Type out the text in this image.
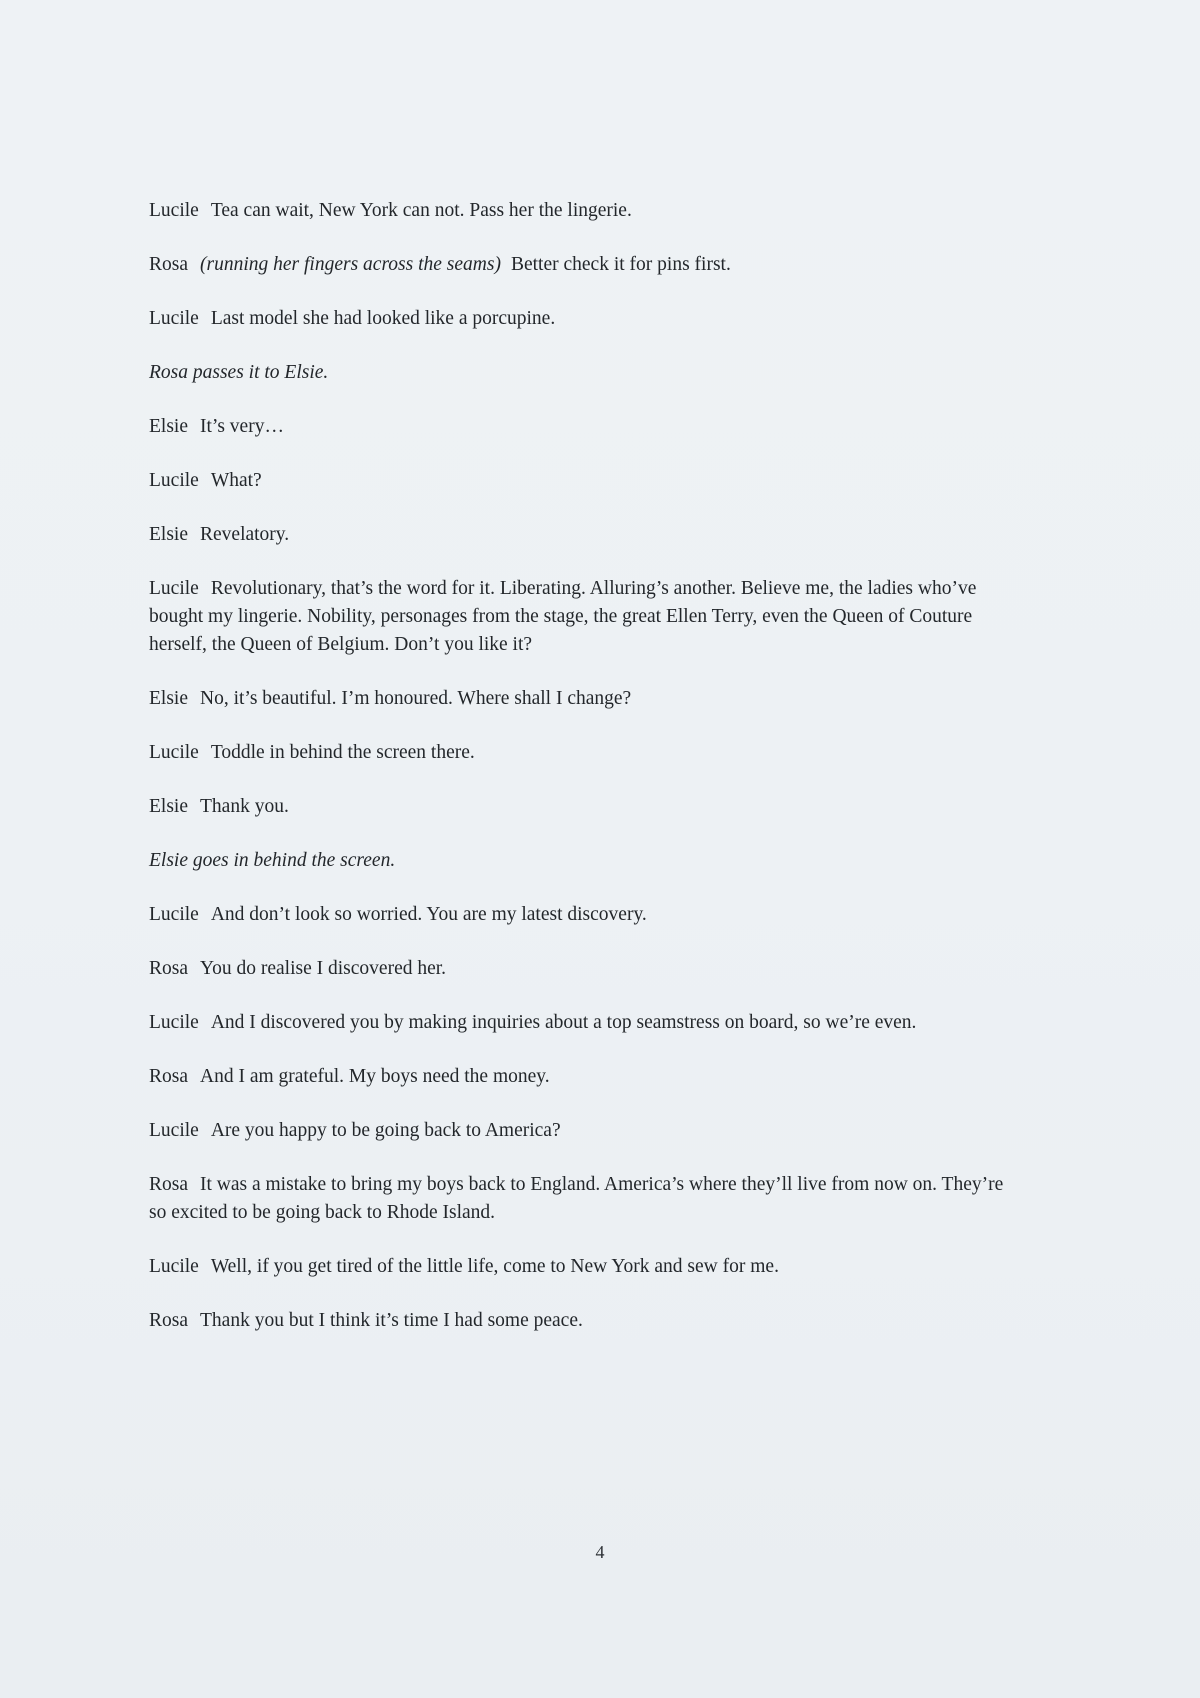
Lucile Tea can wait, New York can not. Pass her the lingerie.

Rosa (running her fingers across the seams) Better check it for pins first.

Lucile Last model she had looked like a porcupine.

Rosa passes it to Elsie.

Elsie It’s very…

Lucile What?

Elsie Revelatory.

Lucile Revolutionary, that’s the word for it. Liberating. Alluring’s another. Believe me, the ladies who’ve bought my lingerie. Nobility, personages from the stage, the great Ellen Terry, even the Queen of Couture herself, the Queen of Belgium. Don’t you like it?

Elsie No, it’s beautiful. I’m honoured. Where shall I change?

Lucile Toddle in behind the screen there.

Elsie Thank you.

Elsie goes in behind the screen.

Lucile And don’t look so worried. You are my latest discovery.

Rosa You do realise I discovered her.

Lucile And I discovered you by making inquiries about a top seamstress on board, so we’re even.

Rosa And I am grateful. My boys need the money.

Lucile Are you happy to be going back to America?

Rosa It was a mistake to bring my boys back to England. America’s where they’ll live from now on. They’re so excited to be going back to Rhode Island.

Lucile Well, if you get tired of the little life, come to New York and sew for me.

Rosa Thank you but I think it’s time I had some peace.

4
